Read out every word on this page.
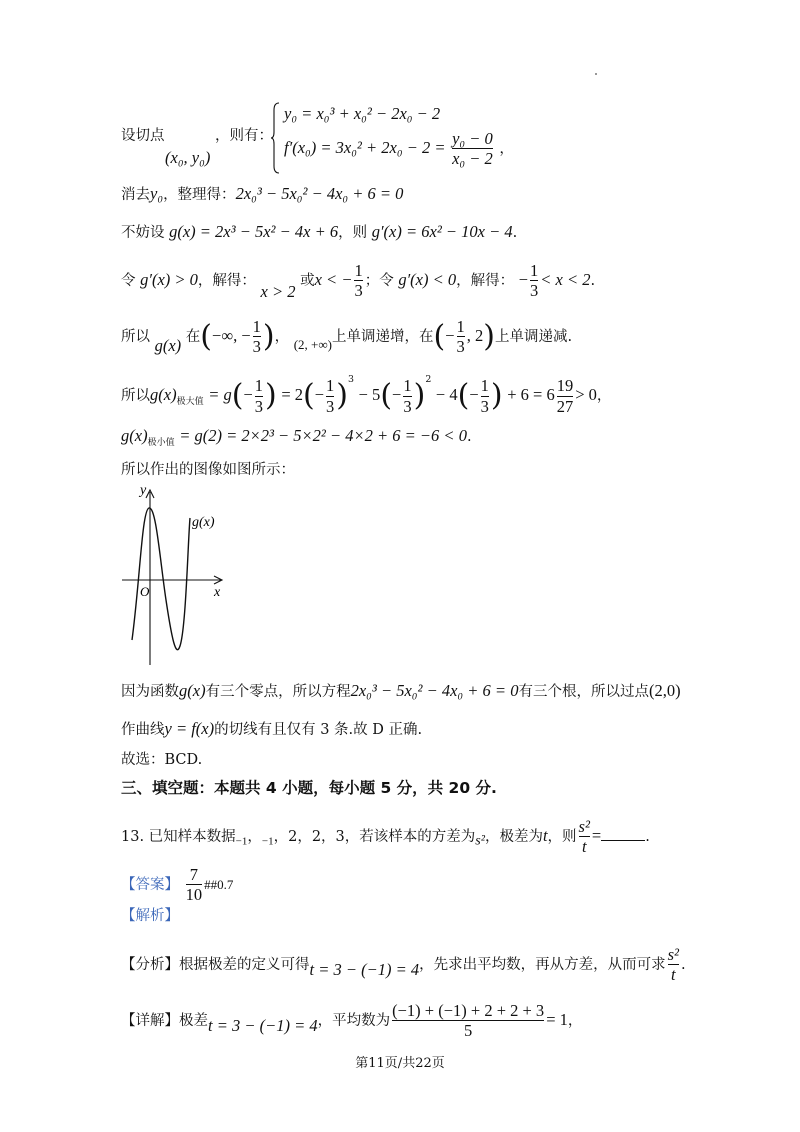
设切点
(x₀, y₀)
，则有：
y₀ = x₀³ + x₀² − 2x₀ − 2
$f'(x_0) = 3x_0^2 + 2x_0 - 2 = \frac{\text{y₀ − 0}}{\text{x₀ − 2}}$ ，
消去y₀，整理得：2x₀³ − 5x₀² − 4x₀ + 6 = 0
不妨设 g(x) = 2x³ − 5x² − 4x + 6，则 g′(x) = 6x² − 10x − 4.
令 g′(x) > 0，解得： x > 2 或x < − $\frac{1}{3}$ ；令 g′(x) < 0，解得： − $\frac{1}{3} < x < 2$.
所以 g(x) 在(−∞, − $\frac{1}{3}$ )， (2, +∞)上单调递增，在(− $\frac{1}{3}$ , 2)上单调递减.
所以$g(x)_{极大值} = g(- \frac{1}{3}$ ) = $2(- \frac{1}{3} )^3 - 5(- \frac{1}{3} )^2 - 4(- \frac{1}{3}$ ) + $6 = 6 \frac{19}{27} > 0$，
$g(x)_{极小值} = g(2) = 2\times 2^3 - 5\times 2^2 - 4\times 2 + 6 = -6 < 0$.
所以作出的图像如图所示：
y
x
O
g(x)
因为函数g(x)有三个零点，所以方程2x₀³ − 5x₀² − 4x₀ + 6 = 0有三个根，所以过点(2,0)
作曲线y = f(x)的切线有且仅有 3 条.故 D 正确.
故选：BCD.
三、填空题：本题共 4 小题，每小题 5 分，共 20 分.
13. 已知样本数据$_{-1}$，$_{-1}$，2，2，3，若该样本的方差为$_{s^2}$，极差为t，则 $\frac{\text{s²}}{t}$ =	.
【答案】 $\frac{7}{10}$ ##0.7
【解析】
【分析】根据极差的定义可得t = 3 − (−1) = 4，先求出平均数，再从方差，从而可求 $\frac{\text{s²}}{t}$ .
【详解】极差t = 3 − (−1) = 4，平均数为 $\frac{(-1) + (-1) + 2 + 2 + 3}{5} = 1$，
第11页/共22页
